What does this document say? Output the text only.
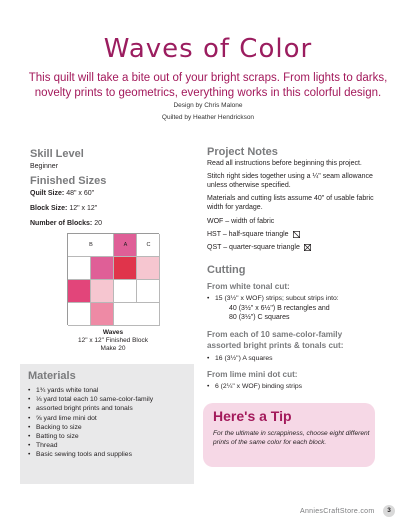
Waves of Color

This quilt will take a bite out of your bright scraps. From lights to darks, novelty prints to geometrics, everything works in this colorful design.

Design by Chris Malone
Quilted by Heather Hendrickson
Skill Level
Beginner
Finished Sizes
Quilt Size: 48" x 60"
Block Size: 12" x 12"
Number of Blocks: 20
B	A	C
Waves
12" x 12" Finished Block
Make 20
Materials
• 1¾ yards white tonal
• ⅓ yard total each 10 same-color-family
• assorted bright prints and tonals
• ⅝ yard lime mini dot
• Backing to size
• Batting to size
• Thread
• Basic sewing tools and supplies
Project Notes
Read all instructions before beginning this project.
Stitch right sides together using a ¼" seam allowance
unless otherwise specified.
Materials and cutting lists assume 40" of usable fabric
width for yardage.
WOF – width of fabric
HST – half-square triangle
QST – quarter-square triangle
Cutting
From white tonal cut:
• 15 (3½" x WOF) strips; subcut strips into:
40 (3½" x 6½") B rectangles and
80 (3½") C squares
From each of 10 same-color-family
assorted bright prints & tonals cut:
• 16 (3½") A squares
From lime mini dot cut:
• 6 (2¼" x WOF) binding strips
Here's a Tip
For the ultimate in scrappiness, choose eight different prints of the same color for each block.
AnniesCraftStore.com	3
